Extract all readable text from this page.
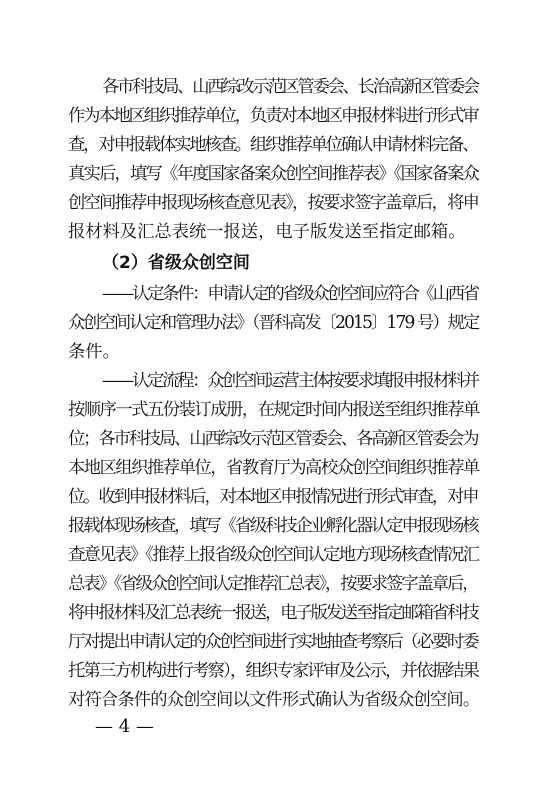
各市科技局、山西综改示范区管委会、长治高新区管委会
作为本地区组织推荐单位，负责对本地区申报材料进行形式审
查，对申报载体实地核查。组织推荐单位确认申请材料完备、
真实后，填写《年度国家备案众创空间推荐表》《国家备案众
创空间推荐申报现场核查意见表》，按要求签字盖章后，将申
报材料及汇总表统一报送，电子版发送至指定邮箱。
（2）省级众创空间
——认定条件：申请认定的省级众创空间应符合《山西省
众创空间认定和管理办法》（晋科高发〔2015〕179 号）规定
条件。
——认定流程：众创空间运营主体按要求填报申报材料并
按顺序一式五份装订成册，在规定时间内报送至组织推荐单
位；各市科技局、山西综改示范区管委会、各高新区管委会为
本地区组织推荐单位，省教育厅为高校众创空间组织推荐单
位。收到申报材料后，对本地区申报情况进行形式审查，对申
报载体现场核查，填写《省级科技企业孵化器认定申报现场核
查意见表》《推荐上报省级众创空间认定地方现场核查情况汇
总表》《省级众创空间认定推荐汇总表》，按要求签字盖章后，
将申报材料及汇总表统一报送，电子版发送至指定邮箱省科技
厅对提出申请认定的众创空间进行实地抽查考察后（必要时委
托第三方机构进行考察），组织专家评审及公示，并依据结果
对符合条件的众创空间以文件形式确认为省级众创空间。
— 4 —
